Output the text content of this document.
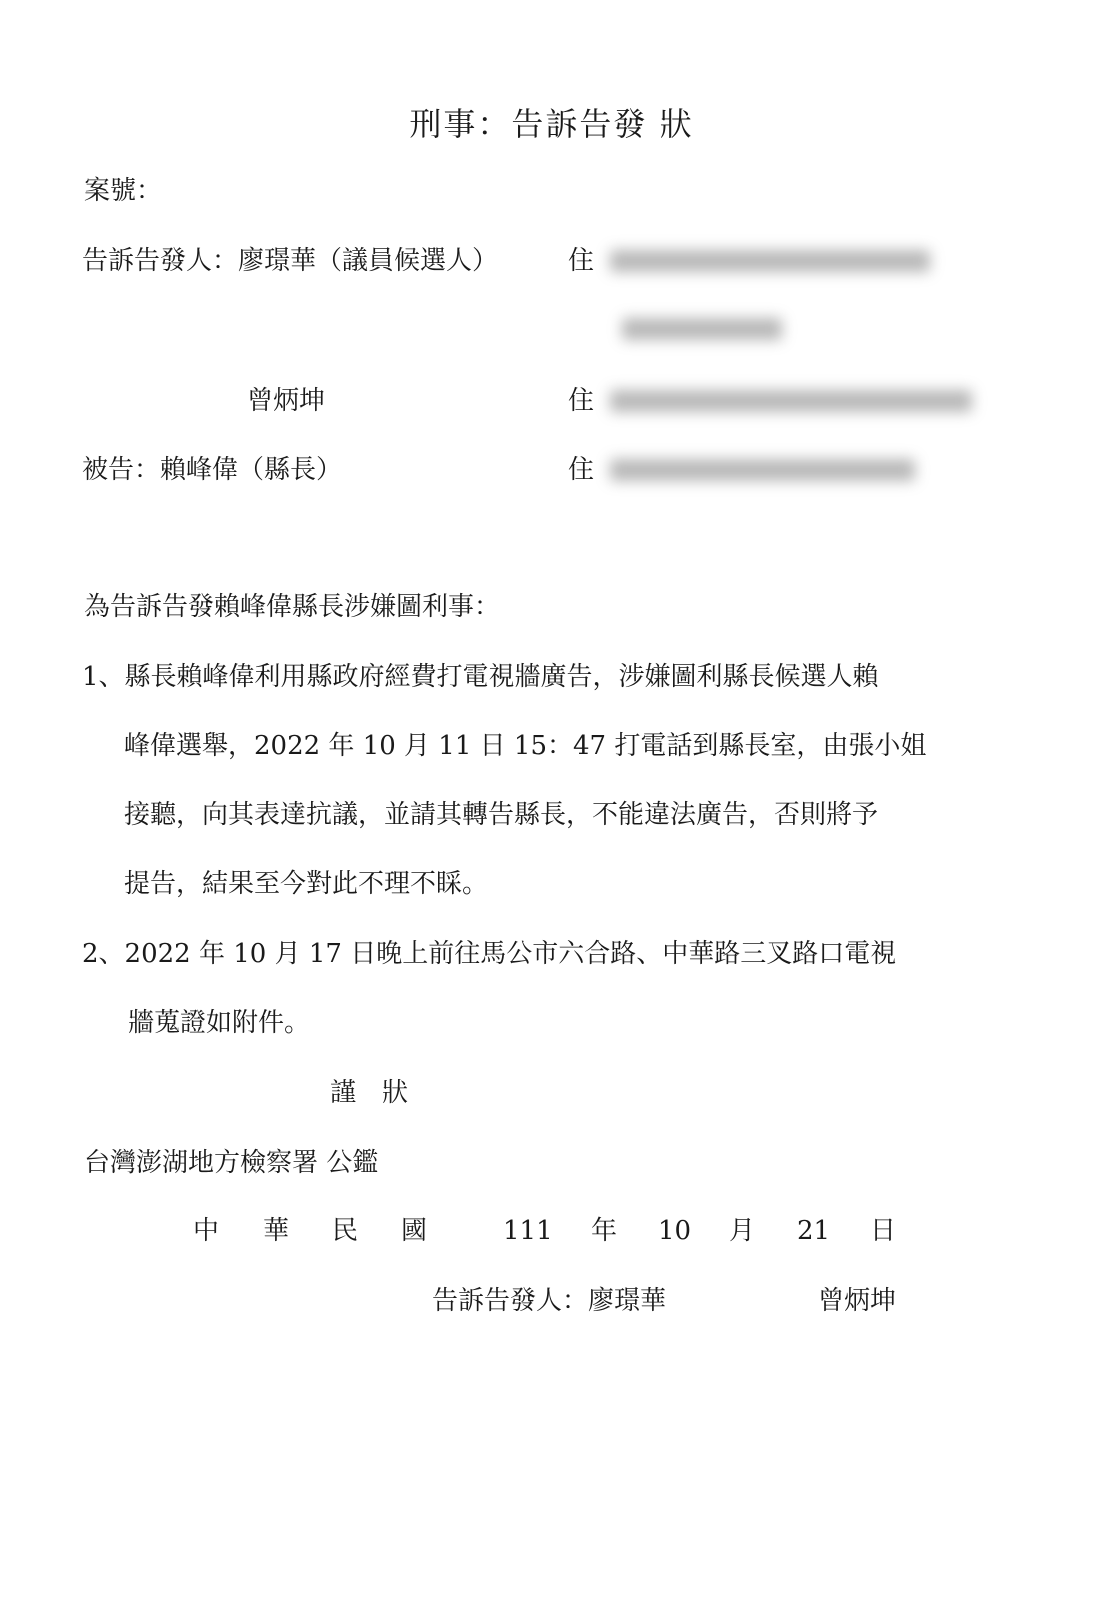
刑事：告訴告發 狀
案號：
告訴告發人：廖璟華（議員候選人）	住
曾炳坤	住
被告：賴峰偉（縣長）	住
為告訴告發賴峰偉縣長涉嫌圖利事：
1、縣長賴峰偉利用縣政府經費打電視牆廣告，涉嫌圖利縣長候選人賴
峰偉選舉，2022 年 10 月 11 日 15：47 打電話到縣長室，由張小姐
接聽，向其表達抗議，並請其轉告縣長，不能違法廣告，否則將予
提告，結果至今對此不理不睬。
2、2022 年 10 月 17 日晚上前往馬公市六合路、中華路三叉路口電視
牆蒐證如附件。
謹　狀
台灣澎湖地方檢察署 公鑑
中 華 民 國	111 年 10 月 21 日
告訴告發人：廖璟華	曾炳坤
